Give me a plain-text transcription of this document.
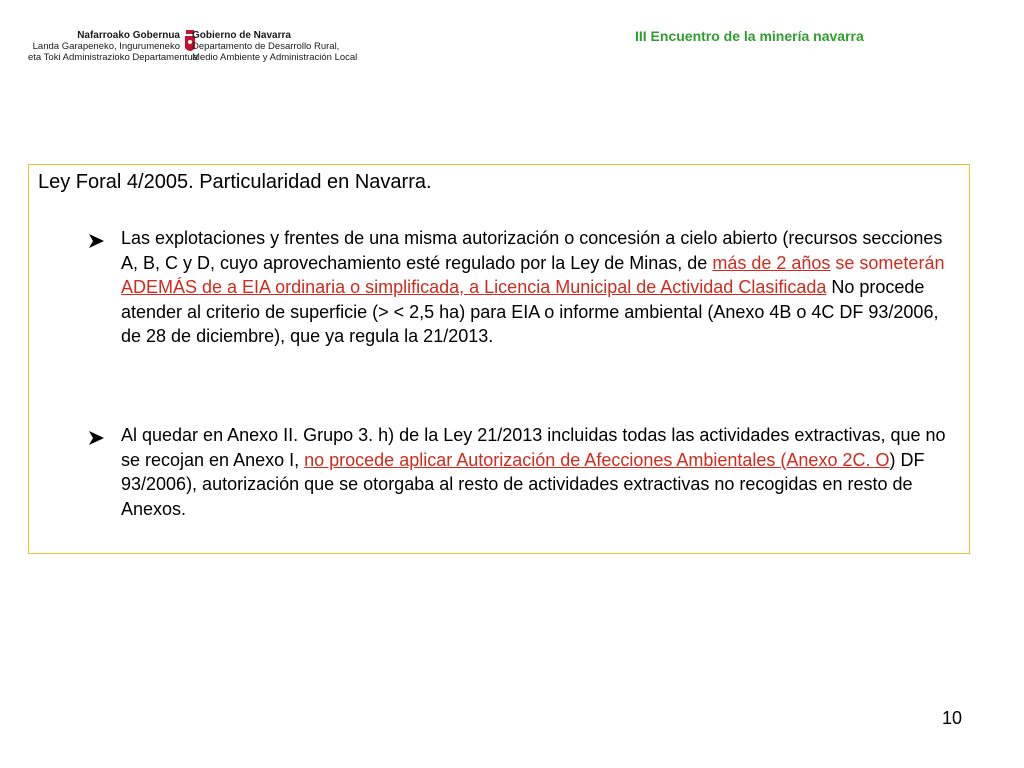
Nafarroako Gobernua
Landa Garapeneko, Ingurumeneko
eta Toki Administrazioko Departamentua
Gobierno de Navarra
Departamento de Desarrollo Rural,
Medio Ambiente y Administración Local
III Encuentro de la minería navarra
Ley Foral 4/2005. Particularidad en Navarra.

Las explotaciones y frentes de una misma autorización o concesión a cielo abierto (recursos secciones A, B, C y D, cuyo aprovechamiento esté regulado por la Ley de Minas, de más de 2 años se someterán ADEMÁS de a EIA ordinaria o simplificada, a Licencia Municipal de Actividad Clasificada No procede atender al criterio de superficie (> < 2,5 ha) para EIA o informe ambiental (Anexo 4B o 4C DF 93/2006, de 28 de diciembre), que ya regula la 21/2013.

Al quedar en Anexo II. Grupo 3. h) de la Ley 21/2013 incluidas todas las actividades extractivas, que no se recojan en Anexo I, no procede aplicar Autorización de Afecciones Ambientales (Anexo 2C. O) DF 93/2006), autorización que se otorgaba al resto de actividades extractivas no recogidas en resto de Anexos.

10
